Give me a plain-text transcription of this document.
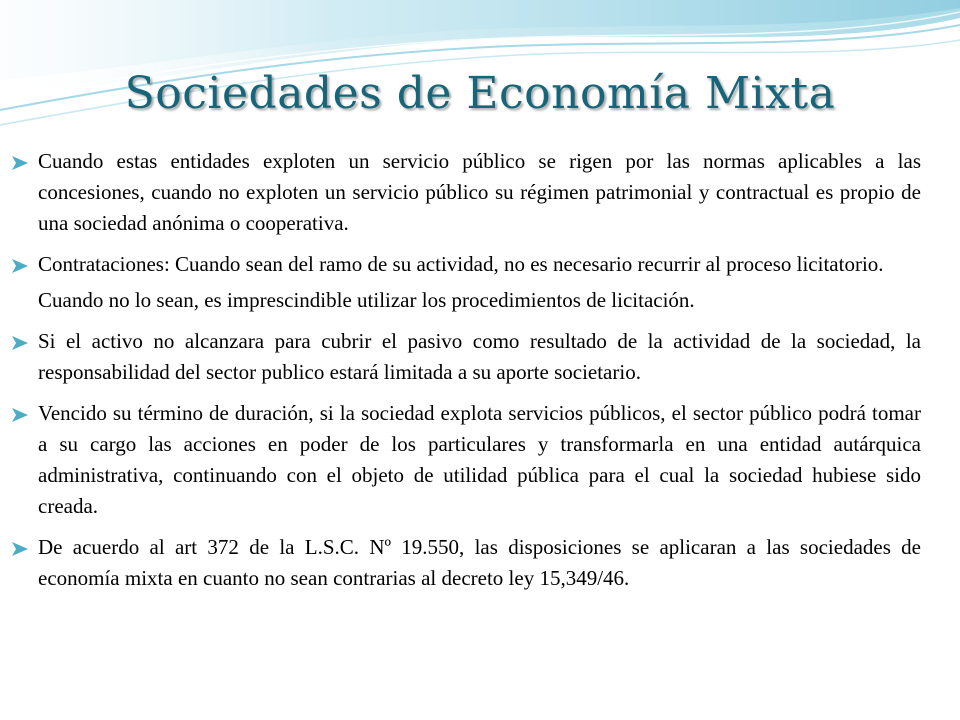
Sociedades de Economía Mixta
Cuando estas entidades exploten un servicio público se rigen por las normas aplicables a las concesiones, cuando no exploten un servicio público su régimen patrimonial y contractual es propio de una sociedad anónima o cooperativa.
Contrataciones: Cuando sean del ramo de su actividad, no es necesario recurrir al proceso licitatorio.
Cuando no lo sean, es imprescindible utilizar los procedimientos de licitación.
Si el activo no alcanzara para cubrir el pasivo como resultado de la actividad de la sociedad, la responsabilidad del sector publico estará limitada a su aporte societario.
Vencido su término de duración, si la sociedad explota servicios públicos, el sector público podrá tomar a su cargo las acciones en poder de los particulares y transformarla en una entidad autárquica administrativa, continuando con el objeto de utilidad pública para el cual la sociedad hubiese sido creada.
De acuerdo al art 372 de la L.S.C. Nº 19.550, las disposiciones se aplicaran a las sociedades de economía mixta en cuanto no sean contrarias al decreto ley 15,349/46.
